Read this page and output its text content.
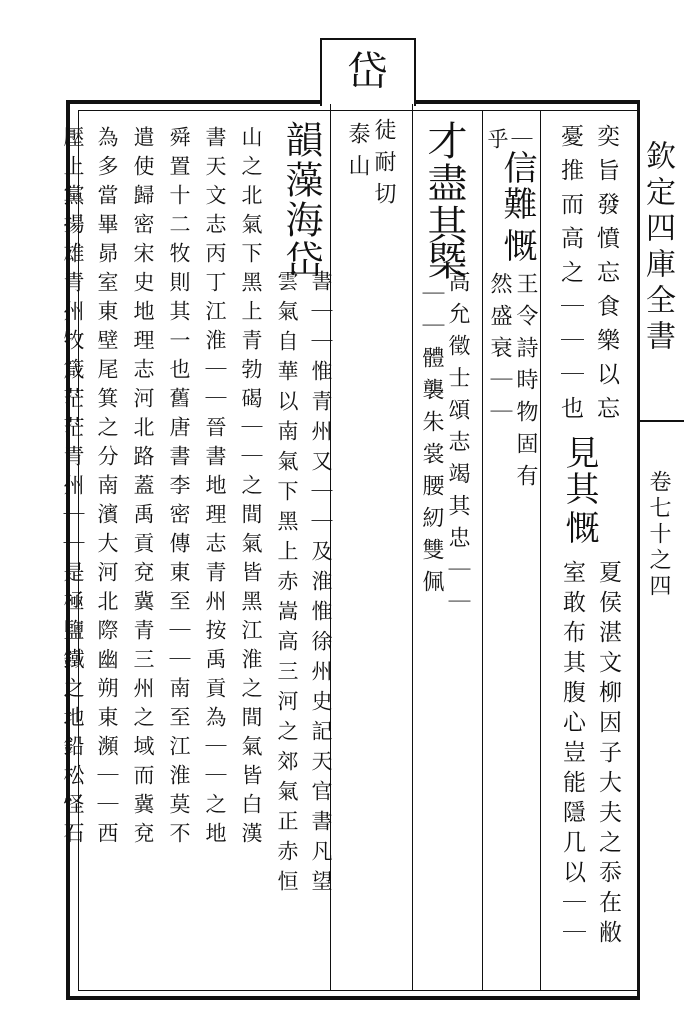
岱
欽定四庫全書
卷七十之四
奕旨發憤忘食樂以忘
憂推而高之｜｜｜也
見其
慨
｜
信難
慨
王令詩時物固有
然盛衰｜｜
乎
夏侯湛文柳因子大夫之忝在敝
室敢布其腹心豈能隱几以｜｜
才盡其
槩
高允徵士頌志竭其忠｜｜
｜｜體襲朱裳腰紉雙佩
徒耐切
泰山
韻藻海岱
書｜｜惟青州又｜｜及淮惟徐州史記天官書凡望
雲氣自華以南氣下黑上赤嵩高三河之郊氣正赤恒
山之北氣下黑上青勃碣｜｜之間氣皆黑江淮之間氣皆白漢
書天文志丙丁江淮｜｜晉書地理志青州按禹貢為｜｜之地
舜置十二牧則其一也舊唐書李密傳東至｜｜南至江淮莫不
遣使歸密宋史地理志河北路蓋禹貢兗冀青三州之域而冀兗
為多當畢昴室東壁尾箕之分南濱大河北際幽朔東瀕｜｜西
壓上黨揚雄青州牧箴茫茫青州｜｜是極鹽鐵之地鉛松怪石
